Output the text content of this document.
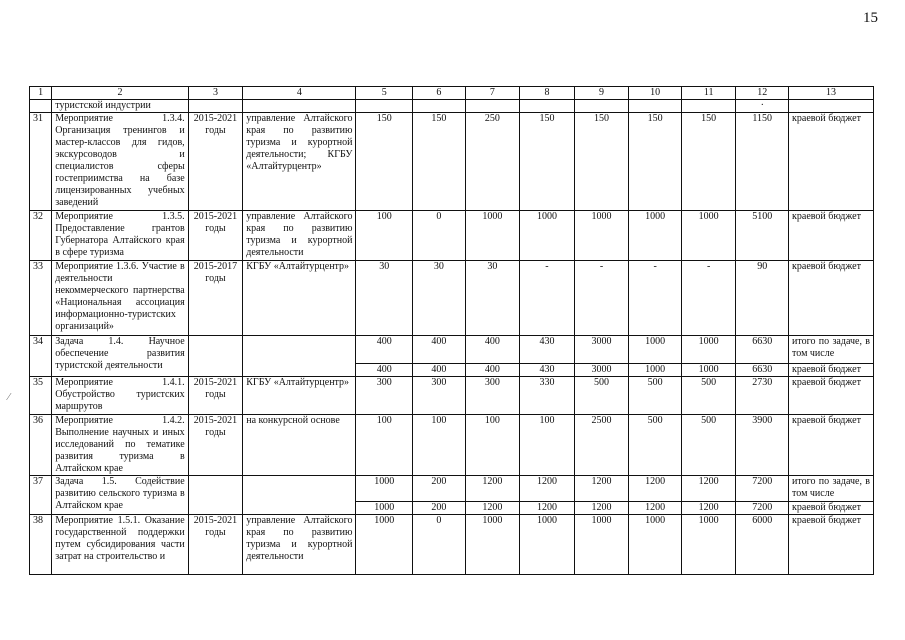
15
1	2	3	4	5	6	7	8	9	10	11	12	13
	туристской индустрии										·	
31	Мероприятие 1.3.4. Организация тренингов и мастер-классов для гидов, экскурсоводов и специалистов сферы гостеприимства на базе лицензированных учебных заведений	2015-2021 годы	управление Алтайского края по развитию туризма и курортной деятельности; КГБУ «Алтайтурцентр»	150	150	250	150	150	150	150	1150	краевой бюджет
32	Мероприятие 1.3.5. Предоставление грантов Губернатора Алтайского края в сфере туризма	2015-2021 годы	управление Алтайского края по развитию туризма и курортной деятельности	100	0	1000	1000	1000	1000	1000	5100	краевой бюджет
33	Мероприятие 1.3.6. Участие в деятельности некоммерческого партнерства «Национальная ассоциация информационно-туристских организаций»	2015-2017 годы	КГБУ «Алтайтурцентр»	30	30	30	-	-	-	-	90	краевой бюджет
34	Задача 1.4. Научное обеспечение развития туристской деятельности			400	400	400	430	3000	1000	1000	6630	итого по задаче, в том числе
				400	400	400	430	3000	1000	1000	6630	краевой бюджет
35	Мероприятие 1.4.1. Обустройство туристских маршрутов	2015-2021 годы	КГБУ «Алтайтурцентр»	300	300	300	330	500	500	500	2730	краевой бюджет
36	Мероприятие 1.4.2. Выполнение научных и иных исследований по тематике развития туризма в Алтайском крае	2015-2021 годы	на конкурсной основе	100	100	100	100	2500	500	500	3900	краевой бюджет
37	Задача 1.5. Содействие развитию сельского туризма в Алтайском крае			1000	200	1200	1200	1200	1200	1200	7200	итого по задаче, в том числе
				1000	200	1200	1200	1200	1200	1200	7200	краевой бюджет
38	Мероприятие 1.5.1. Оказание государственной поддержки путем субсидирования части затрат на строительство и	2015-2021 годы	управление Алтайского края по развитию туризма и курортной деятельности	1000	0	1000	1000	1000	1000	1000	6000	краевой бюджет
⁄
